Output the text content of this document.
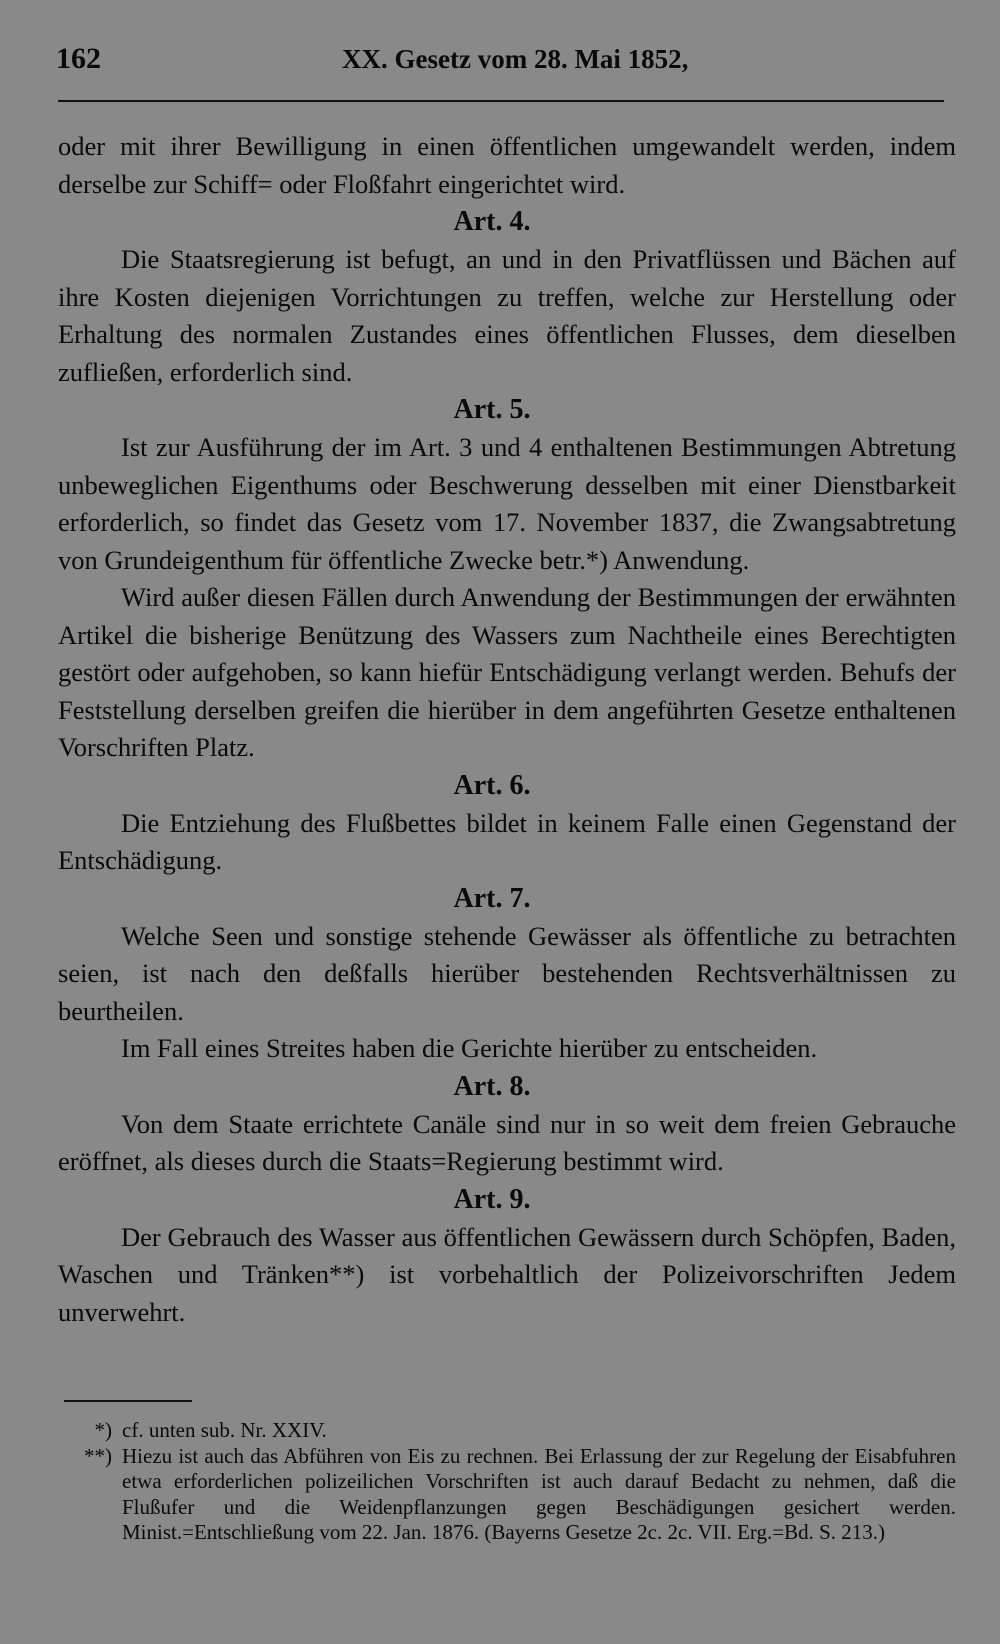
162	XX. Gesetz vom 28. Mai 1852,

oder mit ihrer Bewilligung in einen öffentlichen umgewandelt werden, indem derselbe zur Schiff= oder Floßfahrt eingerichtet wird.

Art. 4.

Die Staatsregierung ist befugt, an und in den Privatflüssen und Bächen auf ihre Kosten diejenigen Vorrichtungen zu treffen, welche zur Herstellung oder Erhaltung des normalen Zustandes eines öffentlichen Flusses, dem dieselben zufließen, erforderlich sind.

Art. 5.

Ist zur Ausführung der im Art. 3 und 4 enthaltenen Bestimmungen Abtretung unbeweglichen Eigenthums oder Beschwerung desselben mit einer Dienstbarkeit erforderlich, so findet das Gesetz vom 17. November 1837, die Zwangsabtretung von Grundeigenthum für öffentliche Zwecke betr.*) Anwendung.

Wird außer diesen Fällen durch Anwendung der Bestimmungen der erwähnten Artikel die bisherige Benützung des Wassers zum Nachtheile eines Berechtigten gestört oder aufgehoben, so kann hiefür Entschädigung verlangt werden. Behufs der Feststellung derselben greifen die hierüber in dem angeführten Gesetze enthaltenen Vorschriften Platz.

Art. 6.

Die Entziehung des Flußbettes bildet in keinem Falle einen Gegenstand der Entschädigung.

Art. 7.

Welche Seen und sonstige stehende Gewässer als öffentliche zu betrachten seien, ist nach den deßfalls hierüber bestehenden Rechtsverhältnissen zu beurtheilen.

Im Fall eines Streites haben die Gerichte hierüber zu entscheiden.

Art. 8.

Von dem Staate errichtete Canäle sind nur in so weit dem freien Gebrauche eröffnet, als dieses durch die Staats=Regierung bestimmt wird.

Art. 9.

Der Gebrauch des Wasser aus öffentlichen Gewässern durch Schöpfen, Baden, Waschen und Tränken**) ist vorbehaltlich der Polizeivorschriften Jedem unverwehrt.

*) cf. unten sub. Nr. XXIV.
**) Hiezu ist auch das Abführen von Eis zu rechnen. Bei Erlassung der zur Regelung der Eisabfuhren etwa erforderlichen polizeilichen Vorschriften ist auch darauf Bedacht zu nehmen, daß die Flußufer und die Weidenpflanzungen gegen Beschädigungen gesichert werden. Minist.=Entschließung vom 22. Jan. 1876. (Bayerns Gesetze 2c. 2c. VII. Erg.=Bd. S. 213.)
